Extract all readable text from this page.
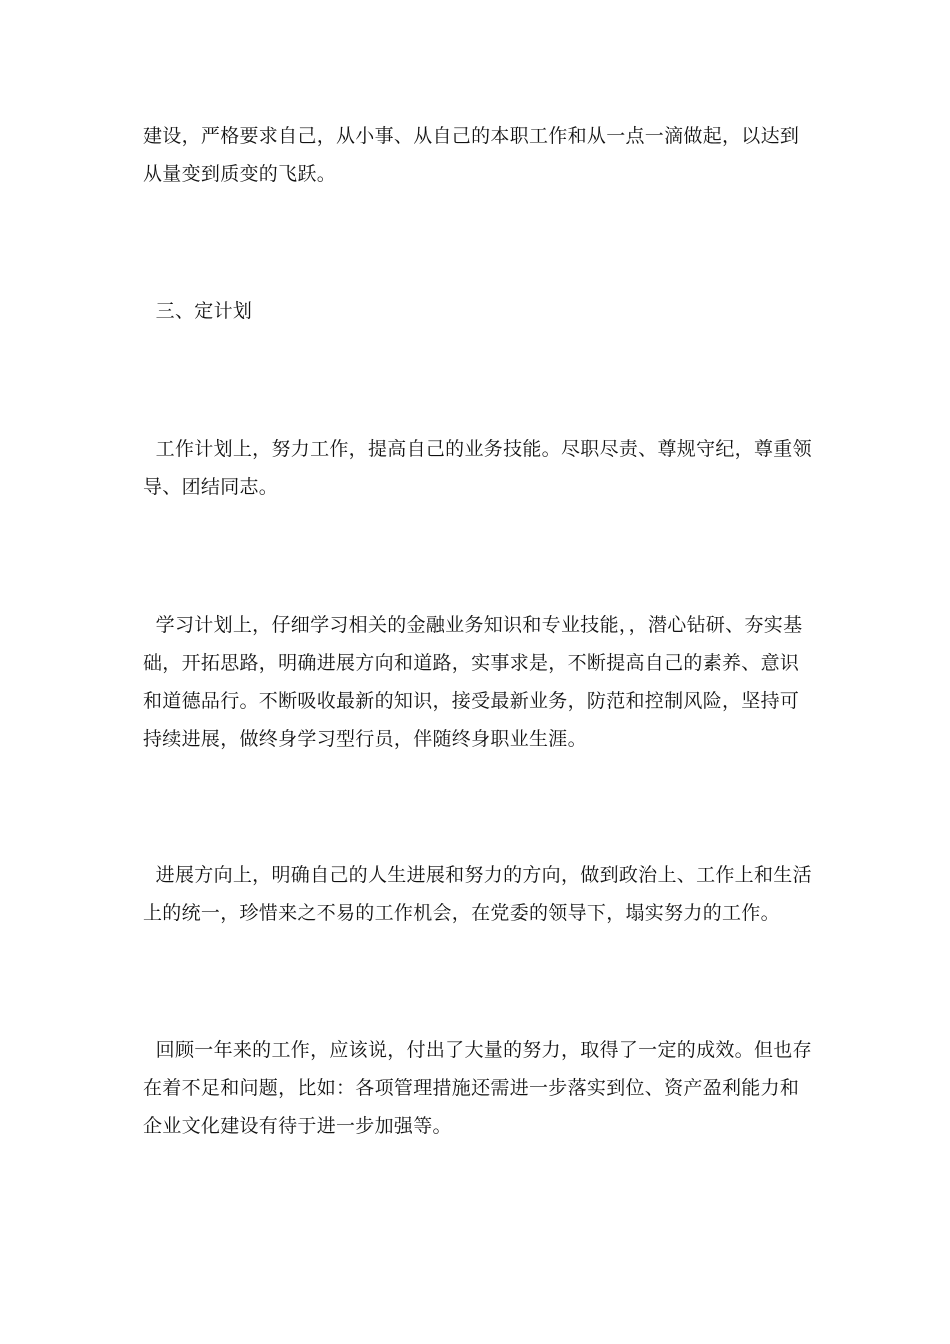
建设，严格要求自己，从小事、从自己的本职工作和从一点一滴做起，以达到
从量变到质变的飞跃。

三、定计划

工作计划上，努力工作，提高自己的业务技能。尽职尽责、尊规守纪，尊重领
导、团结同志。

学习计划上，仔细学习相关的金融业务知识和专业技能，，潜心钻研、夯实基
础，开拓思路，明确进展方向和道路，实事求是，不断提高自己的素养、意识
和道德品行。不断吸收最新的知识，接受最新业务，防范和控制风险，坚持可
持续进展，做终身学习型行员，伴随终身职业生涯。

进展方向上，明确自己的人生进展和努力的方向，做到政治上、工作上和生活
上的统一，珍惜来之不易的工作机会，在党委的领导下，塌实努力的工作。

回顾一年来的工作，应该说，付出了大量的努力，取得了一定的成效。但也存
在着不足和问题，比如：各项管理措施还需进一步落实到位、资产盈利能力和
企业文化建设有待于进一步加强等。
